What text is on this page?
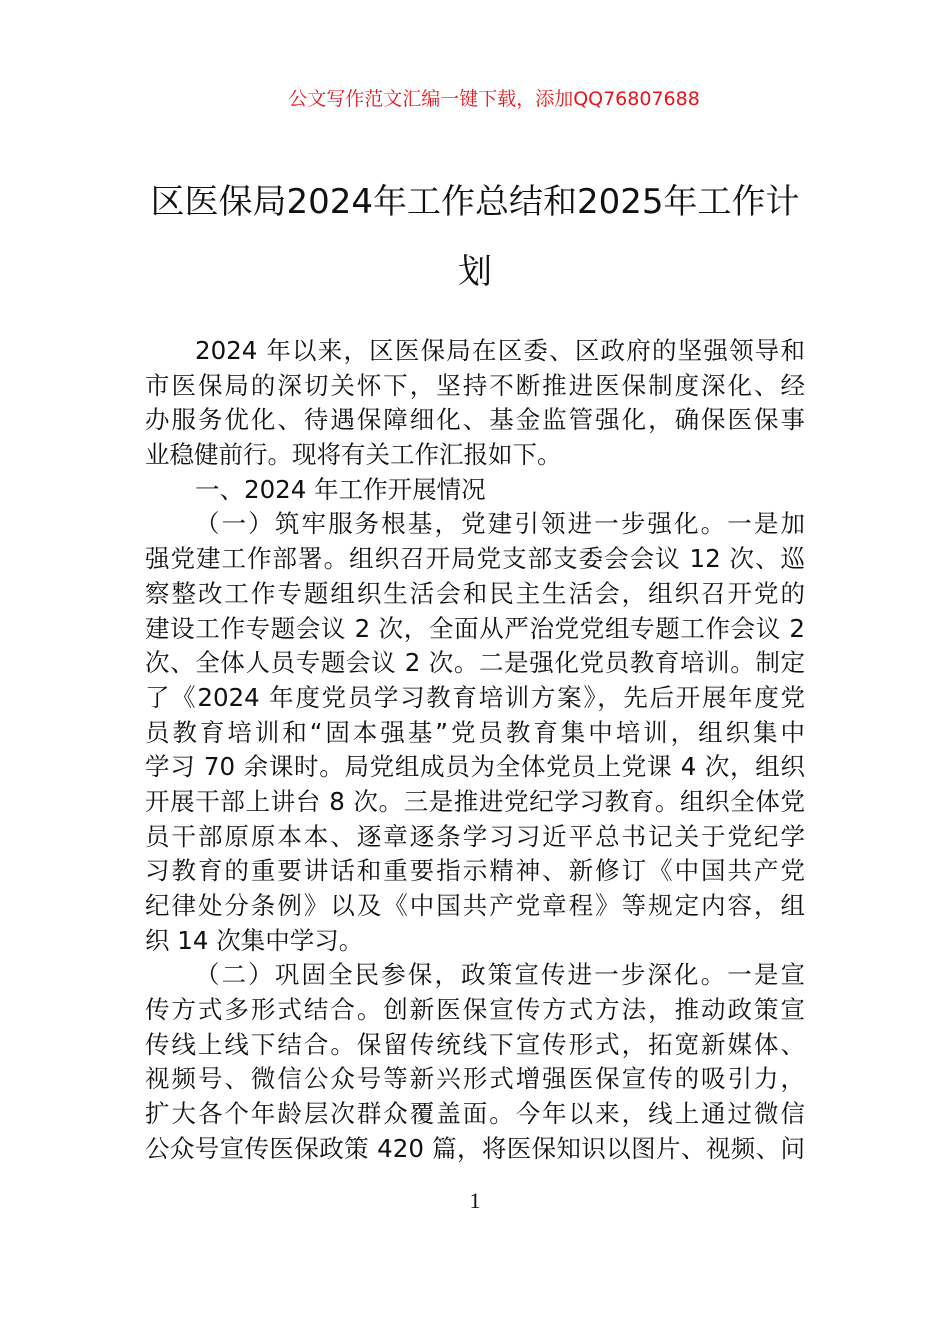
公文写作范文汇编一键下载，添加QQ76807688
区医保局2024年工作总结和2025年工作计
划
2024 年以来，区医保局在区委、区政府的坚强领导和
市医保局的深切关怀下，坚持不断推进医保制度深化、经
办服务优化、待遇保障细化、基金监管强化，确保医保事
业稳健前行。现将有关工作汇报如下。
一、2024 年工作开展情况
（一）筑牢服务根基，党建引领进一步强化。一是加
强党建工作部署。组织召开局党支部支委会会议 12 次、巡
察整改工作专题组织生活会和民主生活会，组织召开党的
建设工作专题会议 2 次，全面从严治党党组专题工作会议 2
次、全体人员专题会议 2 次。二是强化党员教育培训。制定
了《2024 年度党员学习教育培训方案》，先后开展年度党
员教育培训和“固本强基”党员教育集中培训，组织集中
学习 70 余课时。局党组成员为全体党员上党课 4 次，组织
开展干部上讲台 8 次。三是推进党纪学习教育。组织全体党
员干部原原本本、逐章逐条学习习近平总书记关于党纪学
习教育的重要讲话和重要指示精神、新修订《中国共产党
纪律处分条例》以及《中国共产党章程》等规定内容，组
织 14 次集中学习。
（二）巩固全民参保，政策宣传进一步深化。一是宣
传方式多形式结合。创新医保宣传方式方法，推动政策宣
传线上线下结合。保留传统线下宣传形式，拓宽新媒体、
视频号、微信公众号等新兴形式增强医保宣传的吸引力，
扩大各个年龄层次群众覆盖面。今年以来，线上通过微信
公众号宣传医保政策 420 篇，将医保知识以图片、视频、问
1
